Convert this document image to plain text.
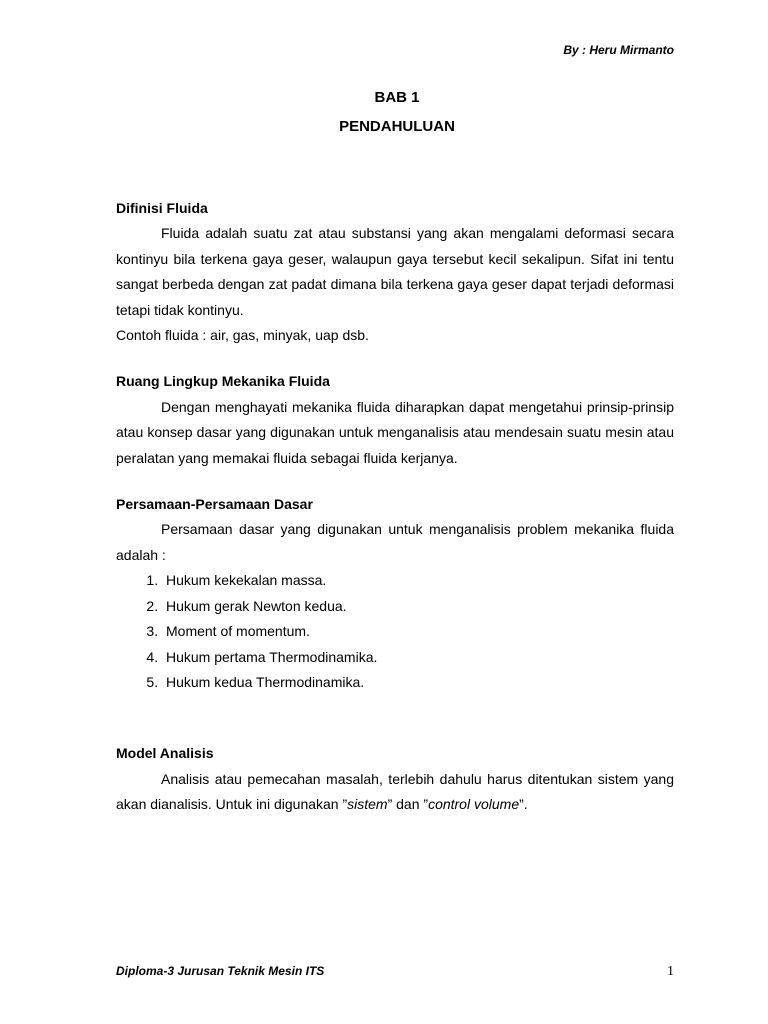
By : Heru Mirmanto
BAB 1
PENDAHULUAN

Difinisi Fluida

Fluida adalah suatu zat atau substansi yang akan mengalami deformasi secara kontinyu bila terkena gaya geser, walaupun gaya tersebut kecil sekalipun. Sifat ini tentu sangat berbeda dengan zat padat dimana bila terkena gaya geser dapat terjadi deformasi tetapi tidak kontinyu.

Contoh fluida : air, gas, minyak, uap dsb.

Ruang Lingkup Mekanika Fluida

Dengan menghayati mekanika fluida diharapkan dapat mengetahui prinsip-prinsip atau konsep dasar yang digunakan untuk menganalisis atau mendesain suatu mesin atau peralatan yang memakai fluida sebagai fluida kerjanya.

Persamaan-Persamaan Dasar

Persamaan dasar yang digunakan untuk menganalisis problem mekanika fluida adalah :

1. Hukum kekekalan massa.
2. Hukum gerak Newton kedua.
3. Moment of momentum.
4. Hukum pertama Thermodinamika.
5. Hukum kedua Thermodinamika.

Model Analisis

Analisis atau pemecahan masalah, terlebih dahulu harus ditentukan sistem yang akan dianalisis. Untuk ini digunakan ”sistem” dan ”control volume”.

Diploma-3 Jurusan Teknik Mesin ITS	1
